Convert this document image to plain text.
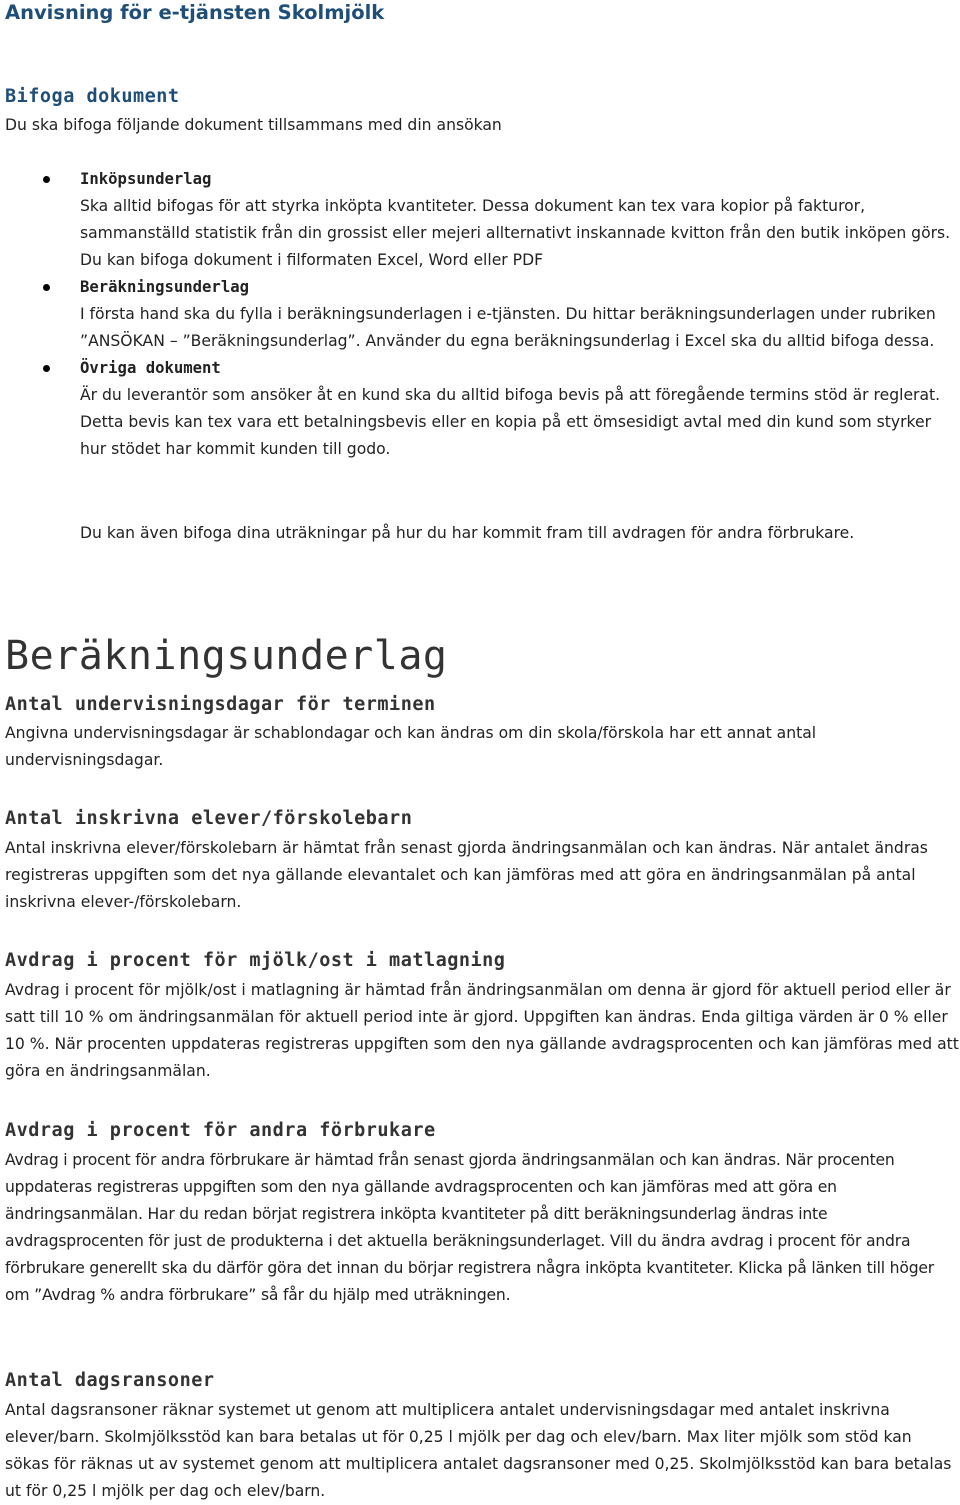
Anvisning för e-tjänsten Skolmjölk
Bifoga dokument

Du ska bifoga följande dokument tillsammans med din ansökan

Inköpsunderlag

Ska alltid bifogas för att styrka inköpta kvantiteter. Dessa dokument kan tex vara kopior på fakturor, sammanställd statistik från din grossist eller mejeri allternativt inskannade kvitton från den butik inköpen görs. Du kan bifoga dokument i filformaten Excel, Word eller PDF

Beräkningsunderlag

I första hand ska du fylla i beräkningsunderlagen i e-tjänsten. Du hittar beräkningsunderlagen under rubriken ”ANSÖKAN – ”Beräkningsunderlag”. Använder du egna beräkningsunderlag i Excel ska du alltid bifoga dessa.

Övriga dokument

Är du leverantör som ansöker åt en kund ska du alltid bifoga bevis på att föregående termins stöd är reglerat. Detta bevis kan tex vara ett betalningsbevis eller en kopia på ett ömsesidigt avtal med din kund som styrker hur stödet har kommit kunden till godo.

Du kan även bifoga dina uträkningar på hur du har kommit fram till avdragen för andra förbrukare.

Beräkningsunderlag
Antal undervisningsdagar för terminen

Angivna undervisningsdagar är schablondagar och kan ändras om din skola/förskola har ett annat antal undervisningsdagar.

Antal inskrivna elever/förskolebarn

Antal inskrivna elever/förskolebarn är hämtat från senast gjorda ändringsanmälan och kan ändras. När antalet ändras registreras uppgiften som det nya gällande elevantalet och kan jämföras med att göra en ändringsanmälan på antal inskrivna elever-/förskolebarn.

Avdrag i procent för mjölk/ost i matlagning

Avdrag i procent för mjölk/ost i matlagning är hämtad från ändringsanmälan om denna är gjord för aktuell period eller är satt till 10 % om ändringsanmälan för aktuell period inte är gjord. Uppgiften kan ändras. Enda giltiga värden är 0 % eller 10 %. När procenten uppdateras registreras uppgiften som den nya gällande avdragsprocenten och kan jämföras med att göra en ändringsanmälan.

Avdrag i procent för andra förbrukare

Avdrag i procent för andra förbrukare är hämtad från senast gjorda ändringsanmälan och kan ändras. När procenten uppdateras registreras uppgiften som den nya gällande avdragsprocenten och kan jämföras med att göra en ändringsanmälan. Har du redan börjat registrera inköpta kvantiteter på ditt beräkningsunderlag ändras inte avdragsprocenten för just de produkterna i det aktuella beräkningsunderlaget. Vill du ändra avdrag i procent för andra förbrukare generellt ska du därför göra det innan du börjar registrera några inköpta kvantiteter. Klicka på länken till höger om ”Avdrag % andra förbrukare” så får du hjälp med uträkningen.

Antal dagsransoner

Antal dagsransoner räknar systemet ut genom att multiplicera antalet undervisningsdagar med antalet inskrivna elever/barn. Skolmjölksstöd kan bara betalas ut för 0,25 l mjölk per dag och elev/barn. Max liter mjölk som stöd kan sökas för räknas ut av systemet genom att multiplicera antalet dagsransoner med 0,25. Skolmjölksstöd kan bara betalas ut för 0,25 l mjölk per dag och elev/barn.
